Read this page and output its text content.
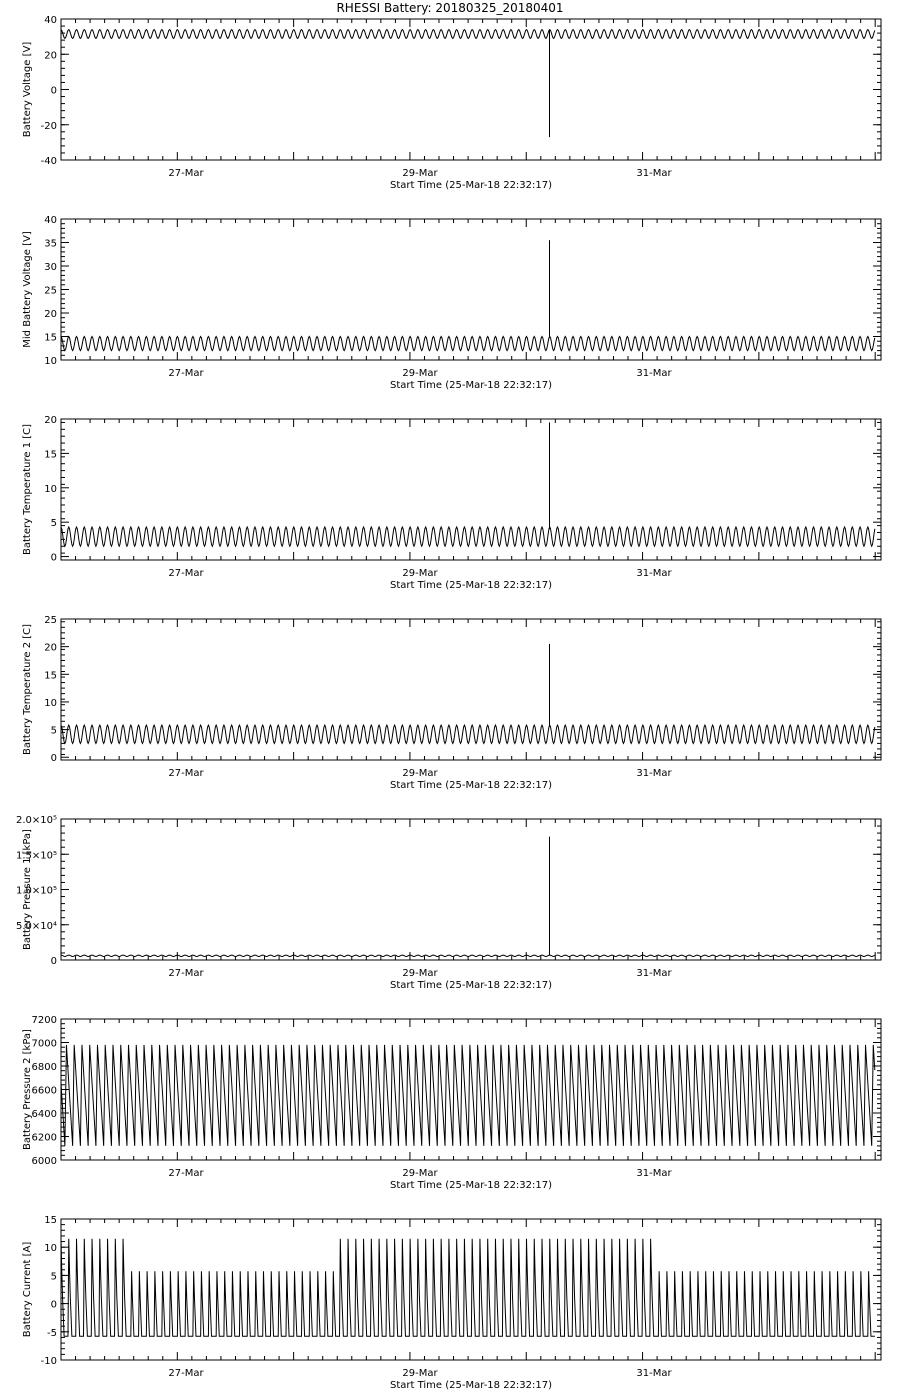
RHESSI Battery: 20180325_20180401
-40
-20
0
20
40
27-Mar	29-Mar	31-Mar
Start Time (25-Mar-18 22:32:17)
Battery Voltage [V]
10
15
20
25
30
35
40
27-Mar	29-Mar	31-Mar
Start Time (25-Mar-18 22:32:17)
Mid Battery Voltage [V]
0
5
10
15
20
27-Mar	29-Mar	31-Mar
Start Time (25-Mar-18 22:32:17)
Battery Temperature 1 [C]
0
5
10
15
20
25
27-Mar	29-Mar	31-Mar
Start Time (25-Mar-18 22:32:17)
Battery Temperature 2 [C]
0
5.0×10⁴
1.0×10⁵
1.5×10⁵
2.0×10⁵
27-Mar	29-Mar	31-Mar
Start Time (25-Mar-18 22:32:17)
Battery Pressure 1 [kPa]
6000
6200
6400
6600
6800
7000
7200
27-Mar	29-Mar	31-Mar
Start Time (25-Mar-18 22:32:17)
Battery Pressure 2 [kPa]
-10
-5
0
5
10
15
27-Mar	29-Mar	31-Mar
Start Time (25-Mar-18 22:32:17)
Battery Current [A]
